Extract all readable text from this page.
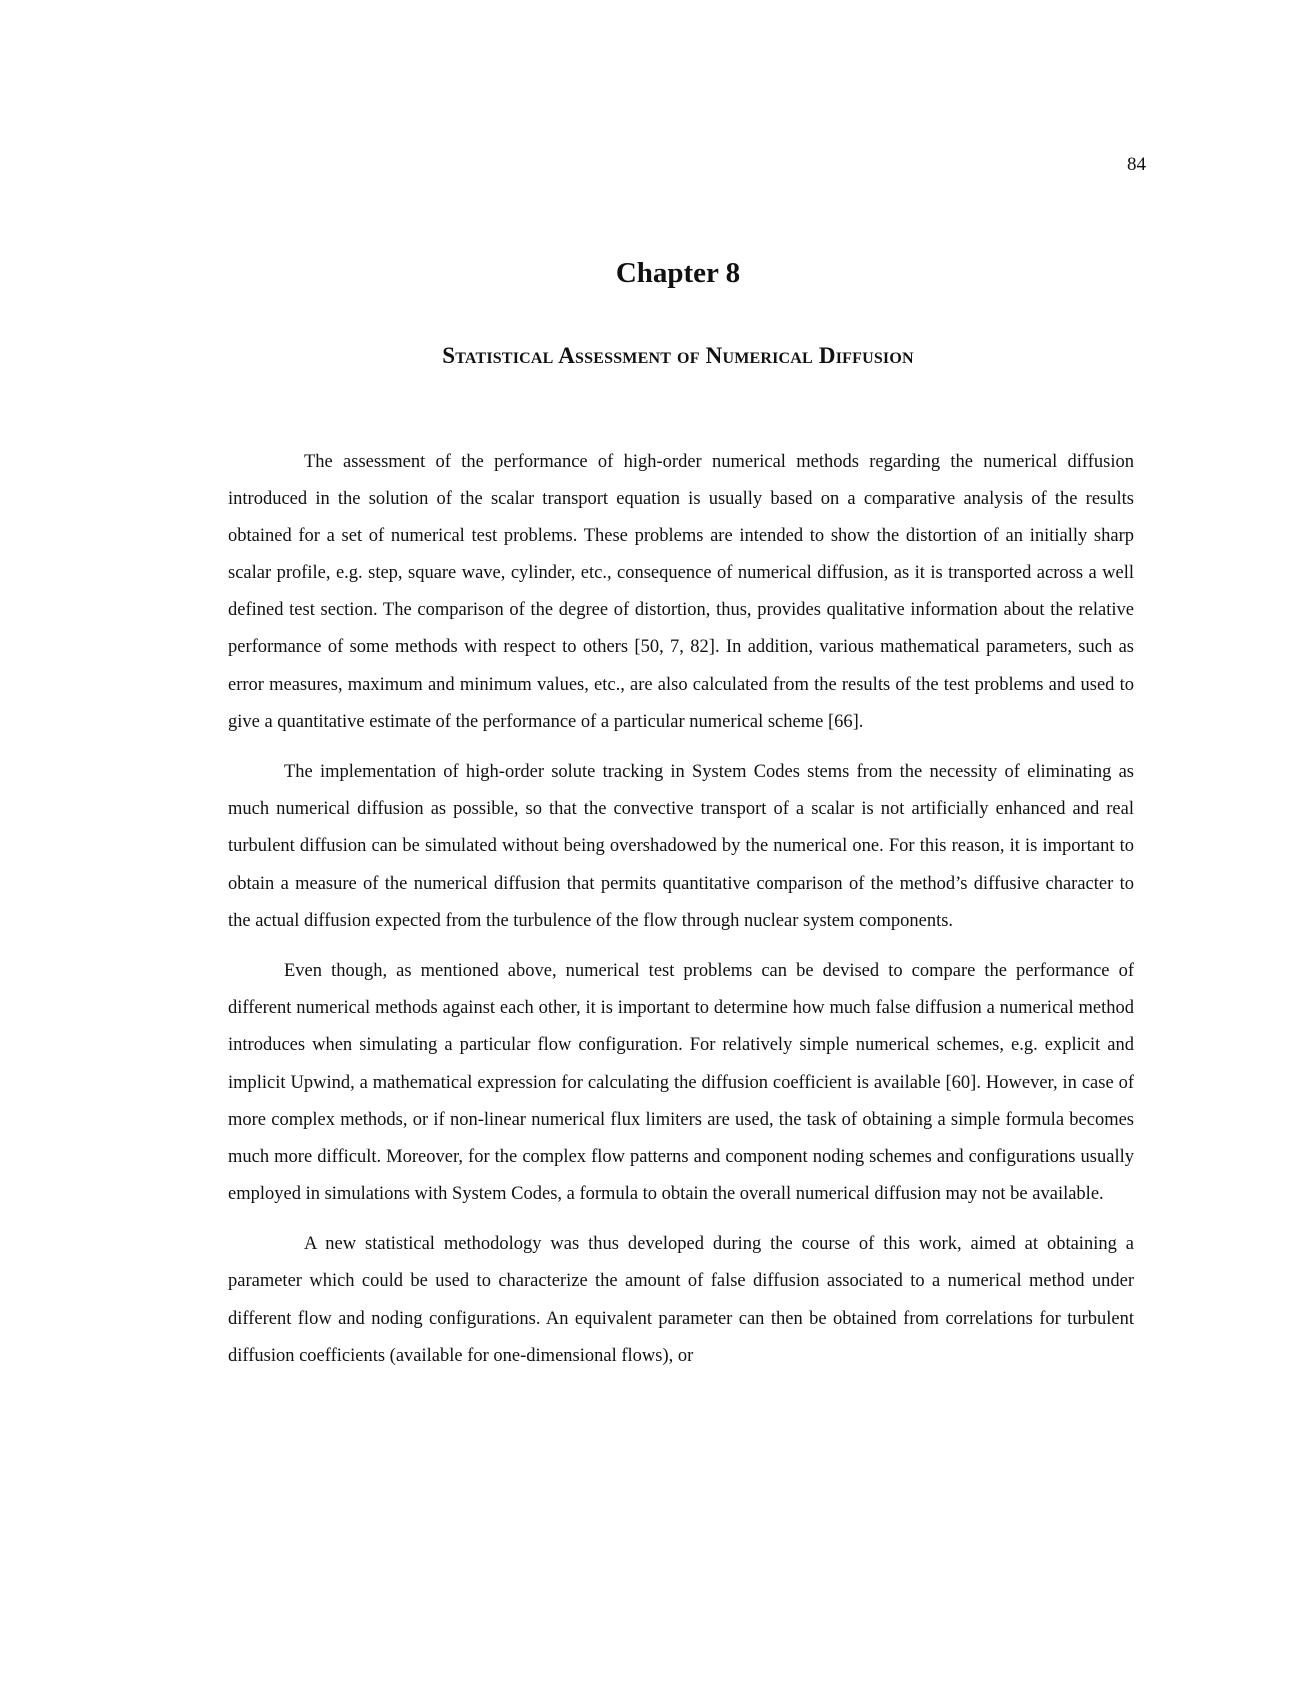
84
Chapter 8
Statistical Assessment of Numerical Diffusion

The assessment of the performance of high-order numerical methods regarding the numerical diffusion introduced in the solution of the scalar transport equation is usually based on a comparative analysis of the results obtained for a set of numerical test problems. These problems are intended to show the distortion of an initially sharp scalar profile, e.g. step, square wave, cylinder, etc., consequence of numerical diffusion, as it is transported across a well defined test section. The comparison of the degree of distortion, thus, provides qualitative information about the relative performance of some methods with respect to others [50, 7, 82]. In addition, various mathematical parameters, such as error measures, maximum and minimum values, etc., are also calculated from the results of the test problems and used to give a quantitative estimate of the performance of a particular numerical scheme [66].

The implementation of high-order solute tracking in System Codes stems from the necessity of eliminating as much numerical diffusion as possible, so that the convective transport of a scalar is not artificially enhanced and real turbulent diffusion can be simulated without being overshadowed by the numerical one. For this reason, it is important to obtain a measure of the numerical diffusion that permits quantitative comparison of the method’s diffusive character to the actual diffusion expected from the turbulence of the flow through nuclear system components.

Even though, as mentioned above, numerical test problems can be devised to compare the performance of different numerical methods against each other, it is important to determine how much false diffusion a numerical method introduces when simulating a particular flow configuration. For relatively simple numerical schemes, e.g. explicit and implicit Upwind, a mathematical expression for calculating the diffusion coefficient is available [60]. However, in case of more complex methods, or if non-linear numerical flux limiters are used, the task of obtaining a simple formula becomes much more difficult. Moreover, for the complex flow patterns and component noding schemes and configurations usually employed in simulations with System Codes, a formula to obtain the overall numerical diffusion may not be available.

A new statistical methodology was thus developed during the course of this work, aimed at obtaining a parameter which could be used to characterize the amount of false diffusion associated to a numerical method under different flow and noding configurations. An equivalent parameter can then be obtained from correlations for turbulent diffusion coefficients (available for one-dimensional flows), or
